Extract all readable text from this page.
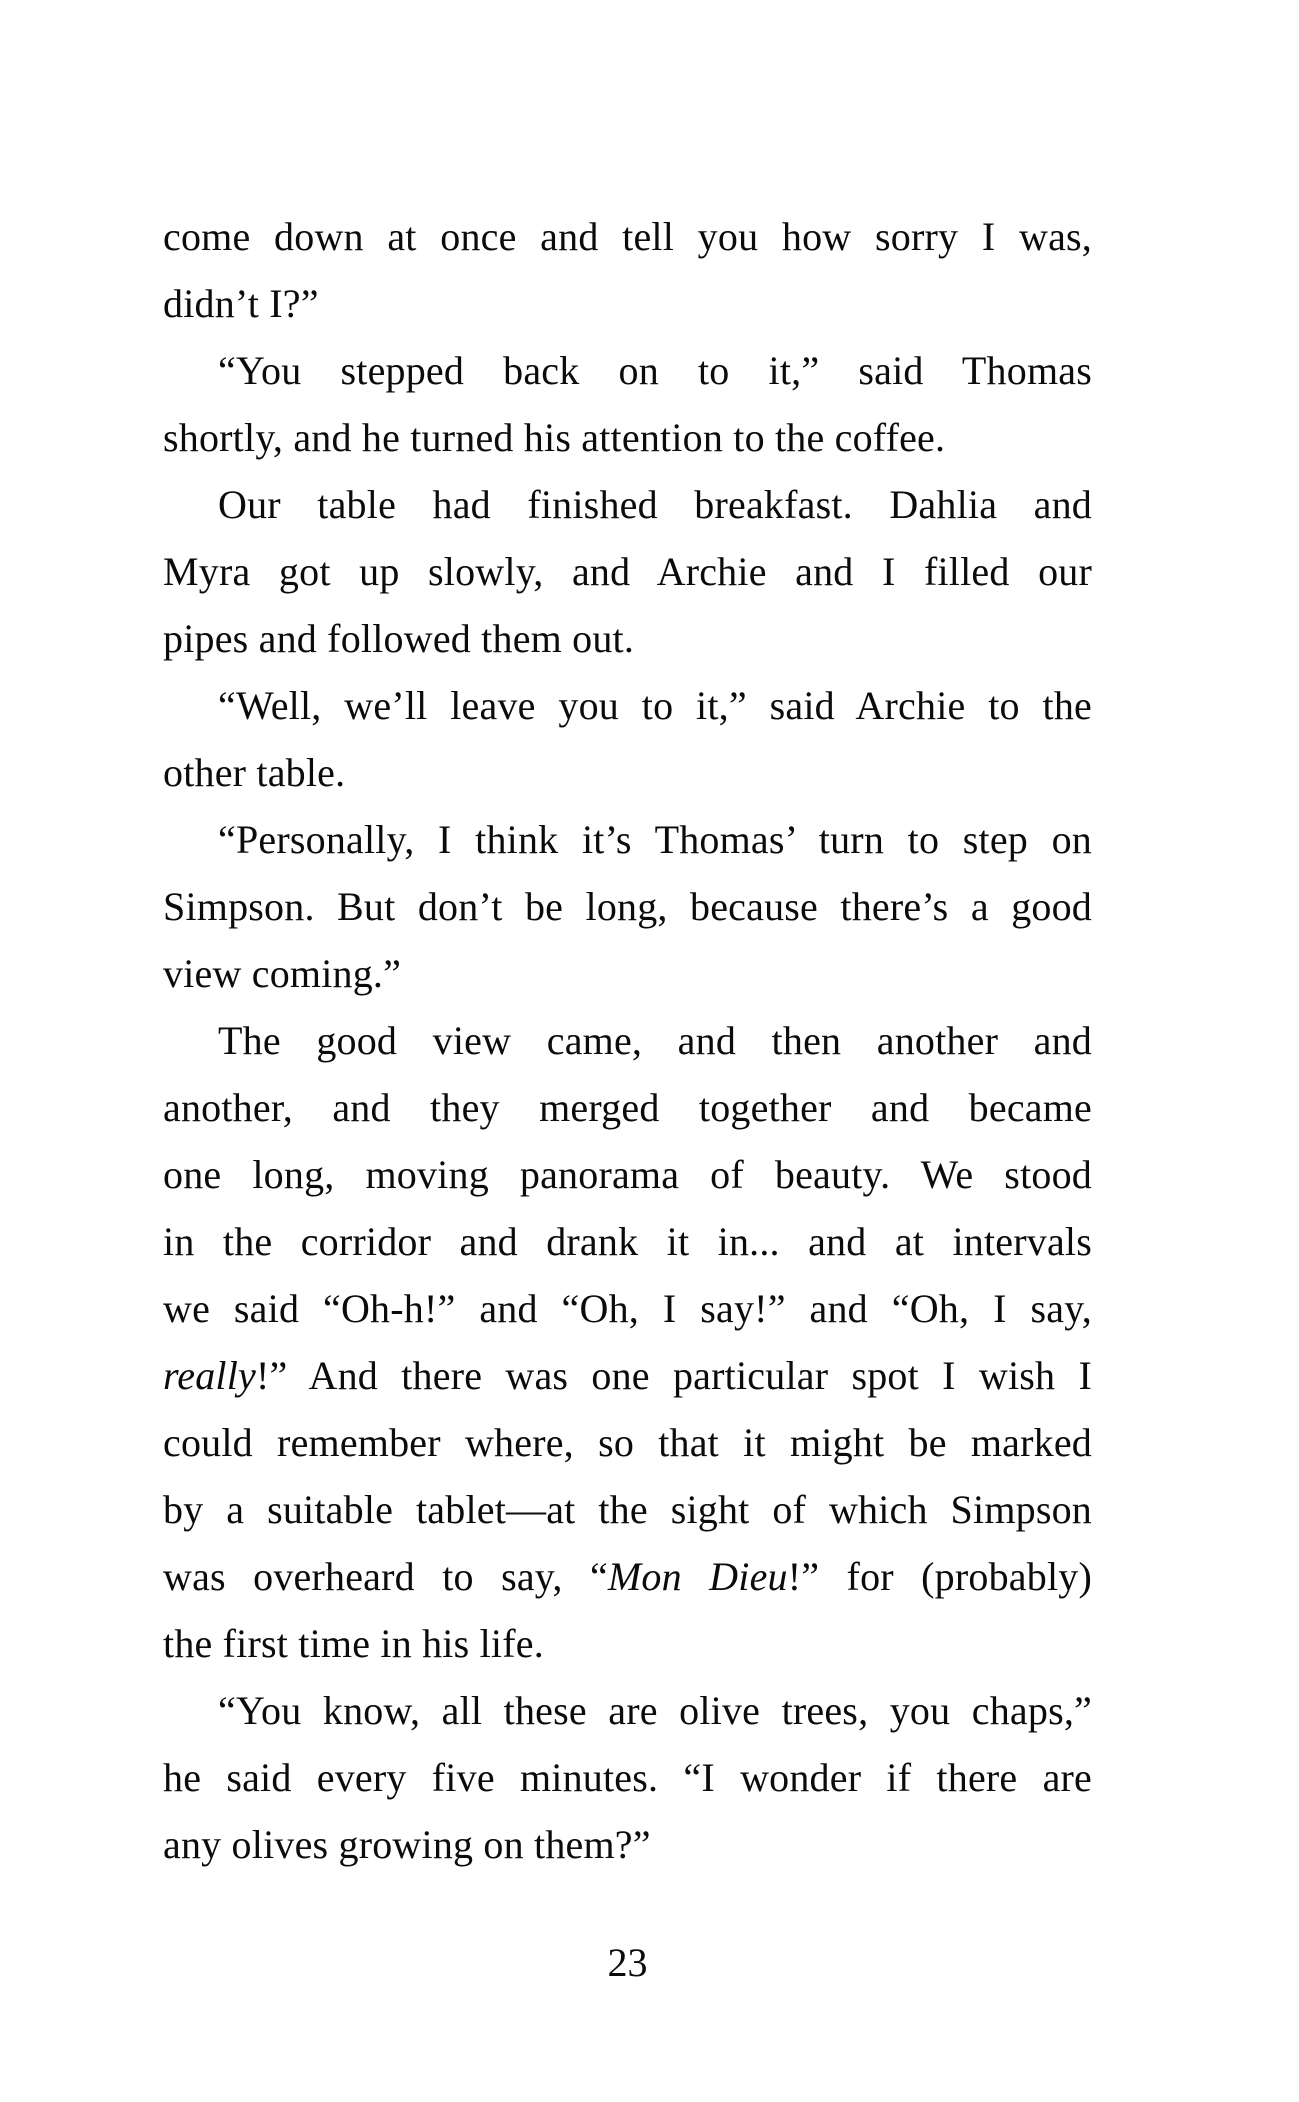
come down at once and tell you how sorry I was,
didn’t I?”
“You stepped back on to it,” said Thomas
shortly, and he turned his attention to the coffee.
Our table had finished breakfast. Dahlia and
Myra got up slowly, and Archie and I filled our
pipes and followed them out.
“Well, we’ll leave you to it,” said Archie to the
other table.
“Personally, I think it’s Thomas’ turn to step on
Simpson. But don’t be long, because there’s a good
view coming.”
The good view came, and then another and
another, and they merged together and became
one long, moving panorama of beauty. We stood
in the corridor and drank it in... and at intervals
we said “Oh-h!” and “Oh, I say!” and “Oh, I say,
really!” And there was one particular spot I wish I
could remember where, so that it might be marked
by a suitable tablet—at the sight of which Simpson
was overheard to say, “Mon Dieu!” for (probably)
the first time in his life.
“You know, all these are olive trees, you chaps,”
he said every five minutes. “I wonder if there are
any olives growing on them?”
23
